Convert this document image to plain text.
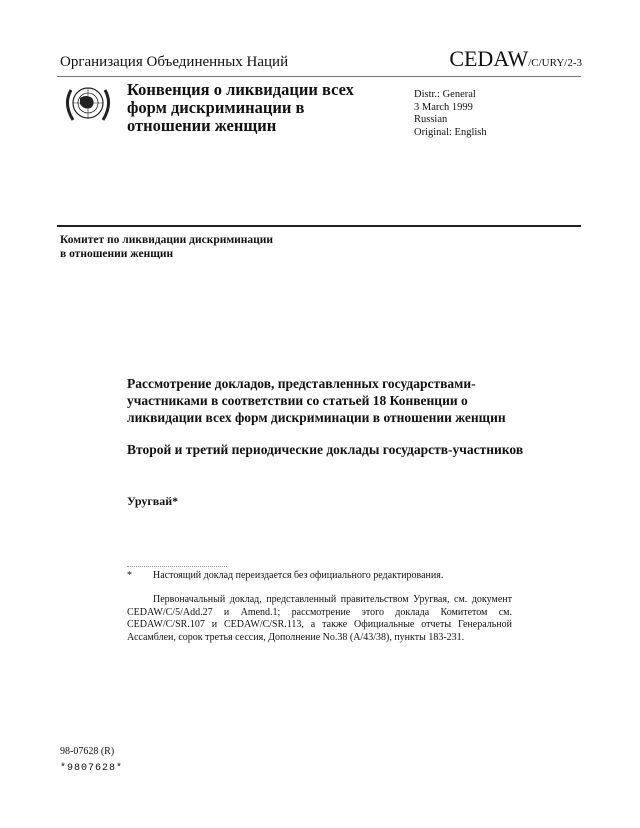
Организация Объединенных Наций	CEDAW/C/URY/2-3
Конвенция о ликвидации всех
форм дискриминации в
отношении женщин
Distr.: General
3 March 1999
Russian
Original: English
Комитет по ликвидации дискриминации
в отношении женщин
Рассмотрение докладов, представленных государствами-участниками в соответствии со статьей 18 Конвенции о ликвидации всех форм дискриминации в отношении женщин
Второй и третий периодические доклады государств-участников
Уругвай*
* Настоящий доклад переиздается без официального редактирования.
Первоначальный доклад, представленный правительством Уругвая, см. документ CEDAW/C/5/Add.27 и Amend.1; рассмотрение этого доклада Комитетом см. CEDAW/C/SR.107 и CEDAW/C/SR.113, а также Официальные отчеты Генеральной Ассамблеи, сорок третья сессия, Дополнение No.38 (A/43/38), пункты 183-231.
98-07628 (R)
*9807628*
